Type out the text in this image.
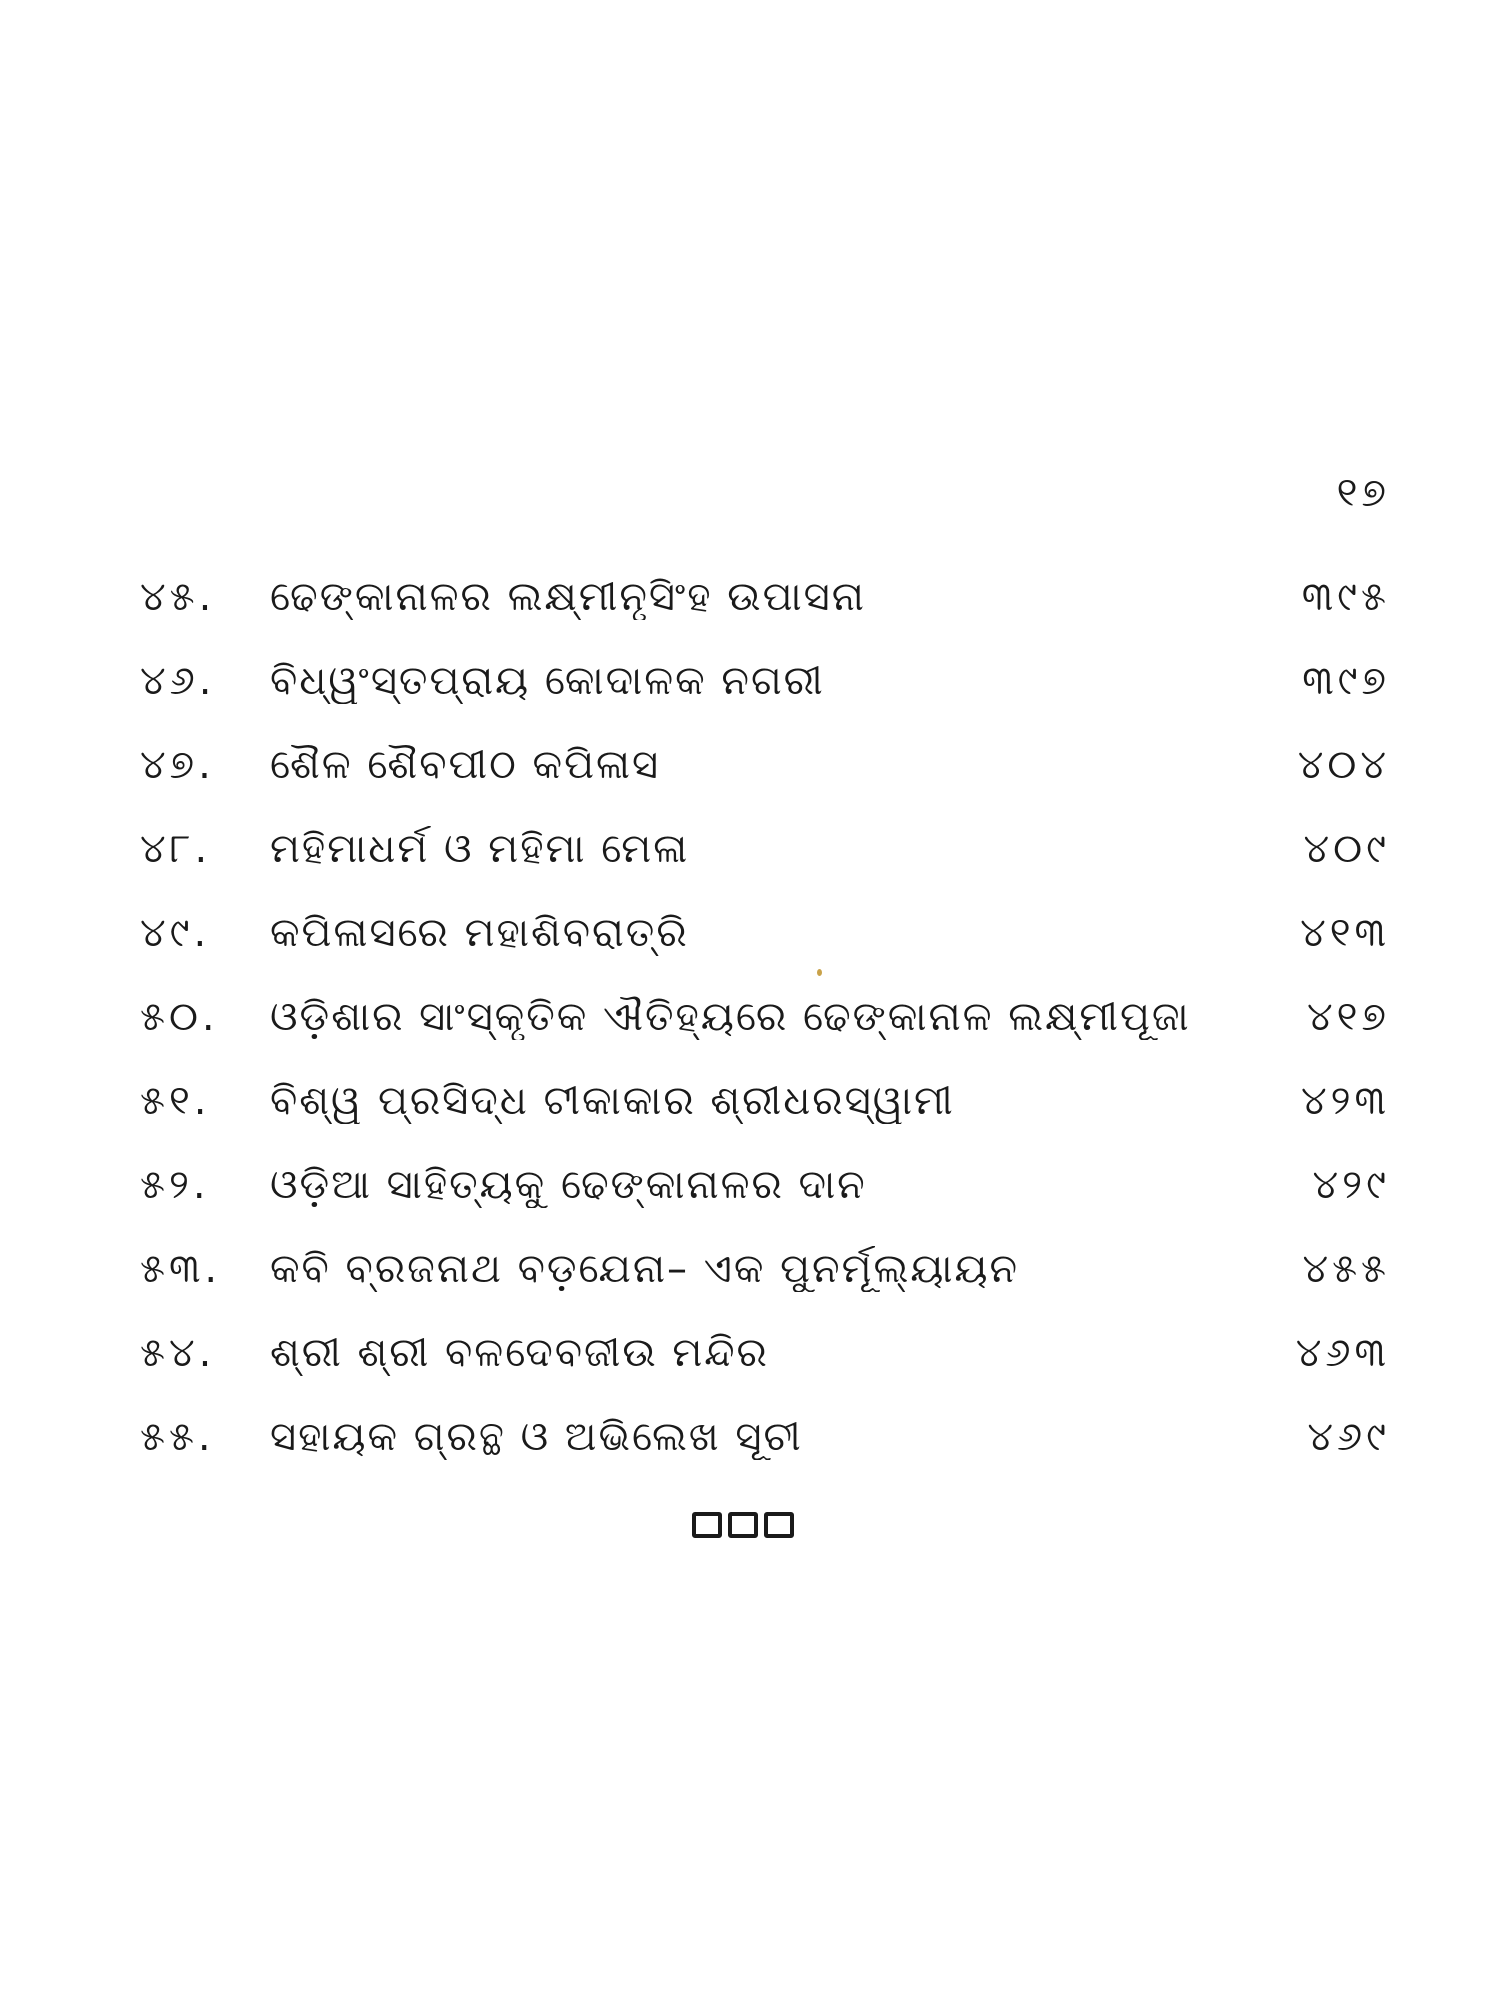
୧୭
୪୫.	ଢେଙ୍କାନାଳର ଲକ୍ଷ୍ମୀନୃସିଂହ ଉପାସନା	୩୯୫
୪୬.	ବିଧ୍ୱଂସ୍ତପ୍ରାୟ କୋଦାଳକ ନଗରୀ	୩୯୭
୪୭.	ଶୈଳ ଶୈବପୀଠ କପିଳାସ	୪୦୪
୪୮.	ମହିମାଧର୍ମ ଓ ମହିମା ମେଳା	୪୦୯
୪୯.	କପିଳାସରେ ମହାଶିବରାତ୍ରି	୪୧୩
୫୦.	ଓଡ଼ିଶାର ସାଂସ୍କୃତିକ ଐତିହ୍ୟରେ ଢେଙ୍କାନାଳ ଲକ୍ଷ୍ମୀପୂଜା	୪୧୭
୫୧.	ବିଶ୍ୱ ପ୍ରସିଦ୍ଧ ଟୀକାକାର ଶ୍ରୀଧରସ୍ୱାମୀ	୪୨୩
୫୨.	ଓଡ଼ିଆ ସାହିତ୍ୟକୁ ଢେଙ୍କାନାଳର ଦାନ	୪୨୯
୫୩.	କବି ବ୍ରଜନାଥ ବଡ଼ଯେନା– ଏକ ପୁନର୍ମୂଲ୍ୟାୟନ	୪୫୫
୫୪.	ଶ୍ରୀ ଶ୍ରୀ ବଳଦେବଜୀଉ ମନ୍ଦିର	୪୬୩
୫୫.	ସହାୟକ ଗ୍ରନ୍ଥ ଓ ଅଭିଲେଖ ସୂଚୀ	୪୬୯
